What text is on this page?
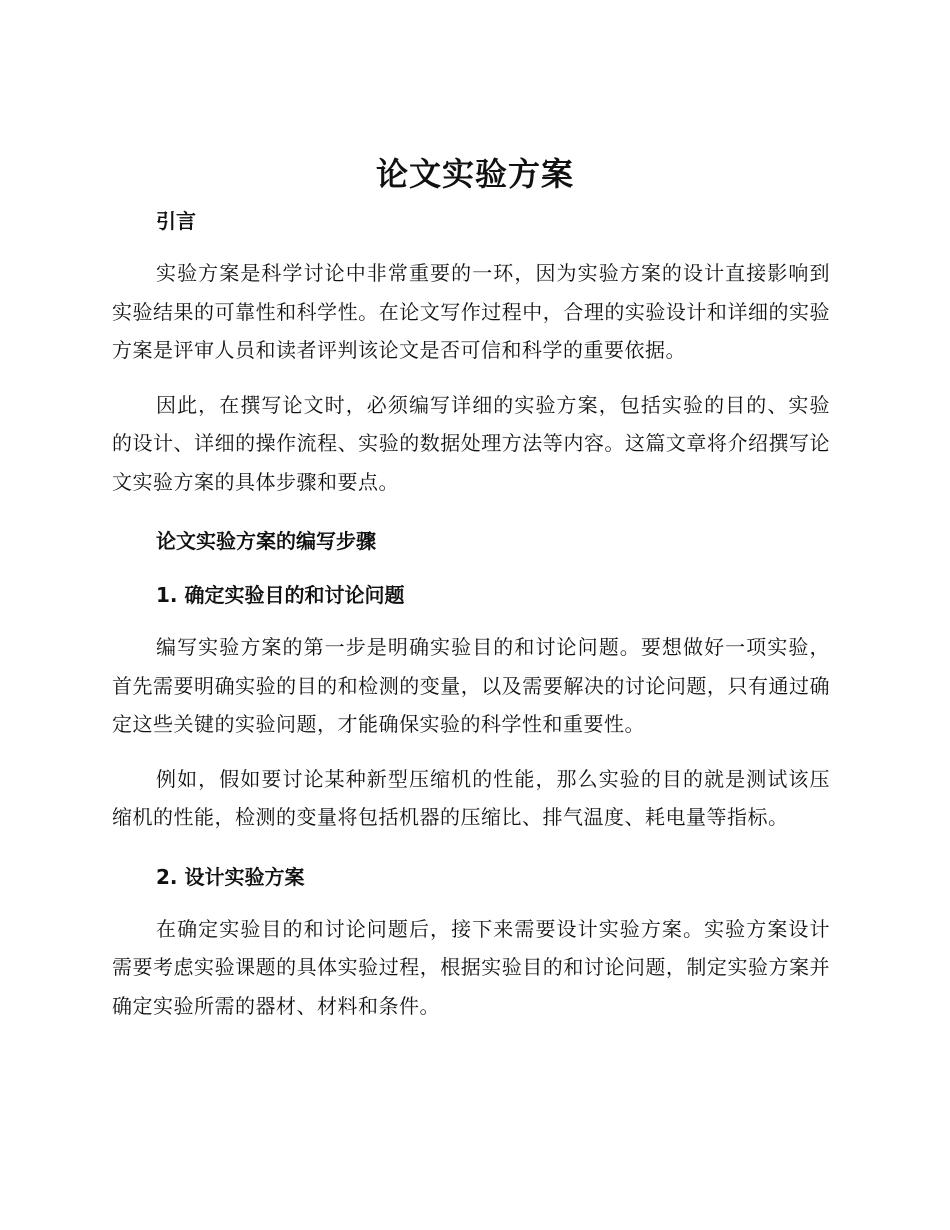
论文实验方案

引言

实验方案是科学讨论中非常重要的一环，因为实验方案的设计直接影响到实验结果的可靠性和科学性。在论文写作过程中，合理的实验设计和详细的实验方案是评审人员和读者评判该论文是否可信和科学的重要依据。

因此，在撰写论文时，必须编写详细的实验方案，包括实验的目的、实验的设计、详细的操作流程、实验的数据处理方法等内容。这篇文章将介绍撰写论文实验方案的具体步骤和要点。

论文实验方案的编写步骤

1. 确定实验目的和讨论问题

编写实验方案的第一步是明确实验目的和讨论问题。要想做好一项实验，首先需要明确实验的目的和检测的变量，以及需要解决的讨论问题，只有通过确定这些关键的实验问题，才能确保实验的科学性和重要性。

例如，假如要讨论某种新型压缩机的性能，那么实验的目的就是测试该压缩机的性能，检测的变量将包括机器的压缩比、排气温度、耗电量等指标。

2. 设计实验方案

在确定实验目的和讨论问题后，接下来需要设计实验方案。实验方案设计需要考虑实验课题的具体实验过程，根据实验目的和讨论问题，制定实验方案并确定实验所需的器材、材料和条件。
